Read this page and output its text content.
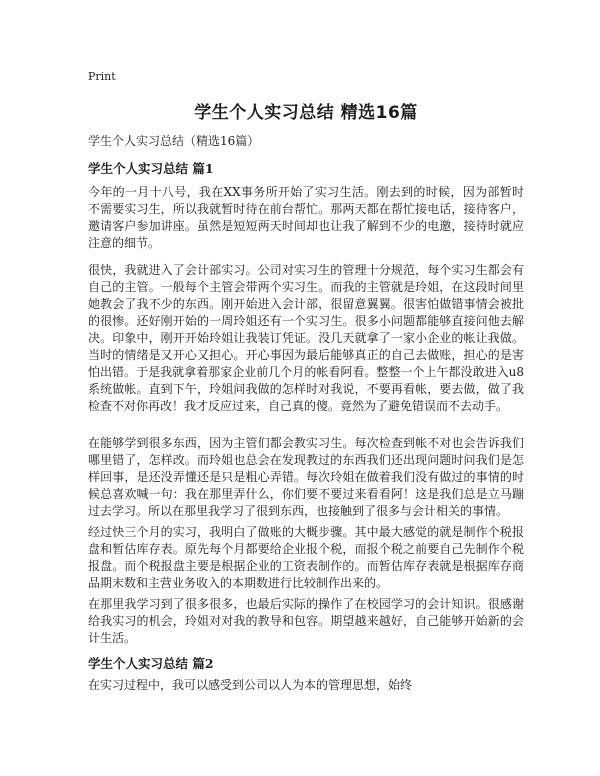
Print
学生个人实习总结 精选16篇
学生个人实习总结（精选16篇）
学生个人实习总结 篇1
今年的一月十八号，我在XX事务所开始了实习生活。刚去到的时候，因为部暂时不需要实习生，所以我就暂时待在前台帮忙。那两天都在帮忙接电话，接待客户，邀请客户参加讲座。虽然是短短两天时间却也让我了解到不少的电邀，接待时就应注意的细节。
很快，我就进入了会计部实习。公司对实习生的管理十分规范，每个实习生都会有自己的主管。一般每个主管会带两个实习生。而我的主管就是玲姐，在这段时间里她教会了我不少的东西。刚开始进入会计部，很留意翼翼。很害怕做错事情会被批的很惨。还好刚开始的一周玲姐还有一个实习生。很多小问题都能够直接问他去解决。印象中，刚开开始玲姐让我装订凭证。没几天就拿了一家小企业的帐让我做。当时的情绪是又开心又担心。开心事因为最后能够真正的自己去做账，担心的是害怕出错。于是我就拿着那家企业前几个月的帐看阿看。整整一个上午都没敢进入u8系统做帐。直到下午，玲姐问我做的怎样时对我说，不要再看帐，要去做，做了我检查不对你再改！我才反应过来，自己真的傻。竟然为了避免错误而不去动手。
在能够学到很多东西，因为主管们都会教实习生。每次检查到帐不对也会告诉我们哪里错了，怎样改。而玲姐也总会在发现教过的东西我们还出现问题时问我们是怎样回事，是还没弄懂还是只是粗心弄错。每次玲姐在做着我们没有做过的事情的时候总喜欢喊一句：我在那里弄什么，你们要不要过来看看阿！这是我们总是立马蹦过去学习。所以在那里我学习了很到东西，也接触到了很多与会计相关的事情。
经过快三个月的实习，我明白了做账的大概步骤。其中最大感觉的就是制作个税报盘和暂估库存表。原先每个月都要给企业报个税，而报个税之前要自己先制作个税报盘。而个税报盘主要是根据企业的工资表制作的。而暂估库存表就是根据库存商品期末数和主营业务收入的本期数进行比较制作出来的。
在那里我学习到了很多很多，也最后实际的操作了在校园学习的会计知识。很感谢给我实习的机会，玲姐对对我的教导和包容。期望越来越好，自己能够开始新的会计生活。
学生个人实习总结 篇2
在实习过程中，我可以感受到公司以人为本的管理思想，始终
